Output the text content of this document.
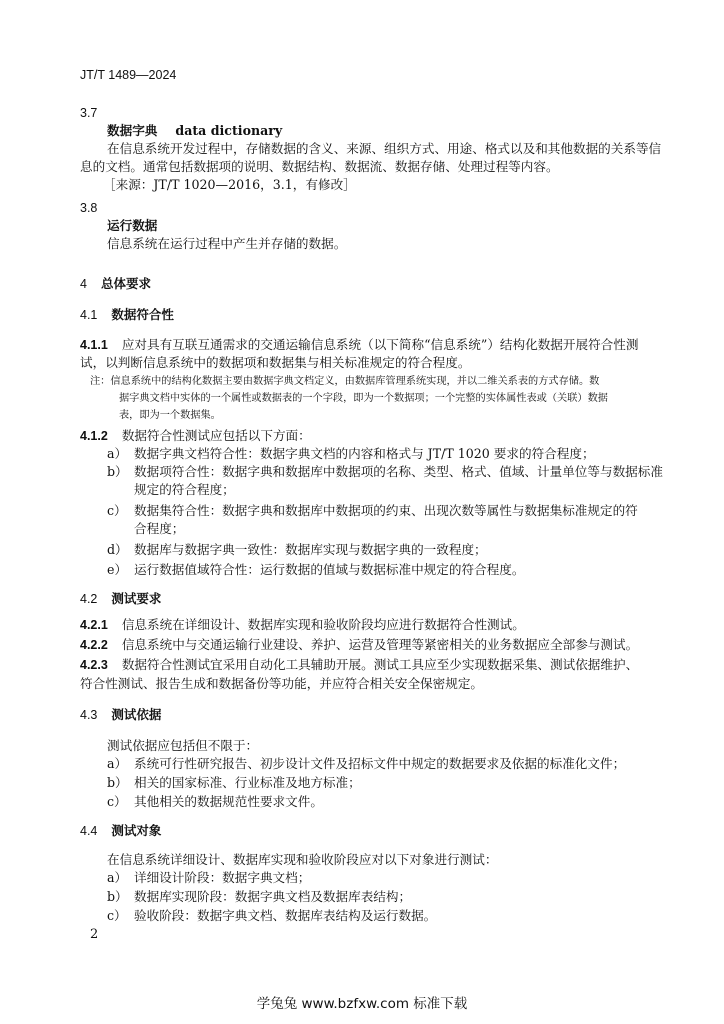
JT/T 1489—2024
3.7
数据字典 data dictionary
在信息系统开发过程中，存储数据的含义、来源、组织方式、用途、格式以及和其他数据的关系等信
息的文档。通常包括数据项的说明、数据结构、数据流、数据存储、处理过程等内容。
［来源：JT/T 1020—2016，3.1，有修改］
3.8
运行数据
信息系统在运行过程中产生并存储的数据。
4 总体要求
4.1 数据符合性
4.1.1 应对具有互联互通需求的交通运输信息系统（以下简称“信息系统”）结构化数据开展符合性测
试，以判断信息系统中的数据项和数据集与相关标准规定的符合程度。
注：信息系统中的结构化数据主要由数据字典文档定义，由数据库管理系统实现，并以二维关系表的方式存储。数
据字典文档中实体的一个属性或数据表的一个字段，即为一个数据项；一个完整的实体属性表或（关联）数据
表，即为一个数据集。
4.1.2 数据符合性测试应包括以下方面：
a） 数据字典文档符合性：数据字典文档的内容和格式与 JT/T 1020 要求的符合程度；
b） 数据项符合性：数据字典和数据库中数据项的名称、类型、格式、值域、计量单位等与数据标准
规定的符合程度；
c） 数据集符合性：数据字典和数据库中数据项的约束、出现次数等属性与数据集标准规定的符
合程度；
d） 数据库与数据字典一致性：数据库实现与数据字典的一致程度；
e） 运行数据值域符合性：运行数据的值域与数据标准中规定的符合程度。
4.2 测试要求
4.2.1 信息系统在详细设计、数据库实现和验收阶段均应进行数据符合性测试。
4.2.2 信息系统中与交通运输行业建设、养护、运营及管理等紧密相关的业务数据应全部参与测试。
4.2.3 数据符合性测试宜采用自动化工具辅助开展。测试工具应至少实现数据采集、测试依据维护、
符合性测试、报告生成和数据备份等功能，并应符合相关安全保密规定。
4.3 测试依据
测试依据应包括但不限于：
a） 系统可行性研究报告、初步设计文件及招标文件中规定的数据要求及依据的标准化文件；
b） 相关的国家标准、行业标准及地方标准；
c） 其他相关的数据规范性要求文件。
4.4 测试对象
在信息系统详细设计、数据库实现和验收阶段应对以下对象进行测试：
a） 详细设计阶段：数据字典文档；
b） 数据库实现阶段：数据字典文档及数据库表结构；
c） 验收阶段：数据字典文档、数据库表结构及运行数据。
2
学兔兔 www.bzfxw.com 标准下载
